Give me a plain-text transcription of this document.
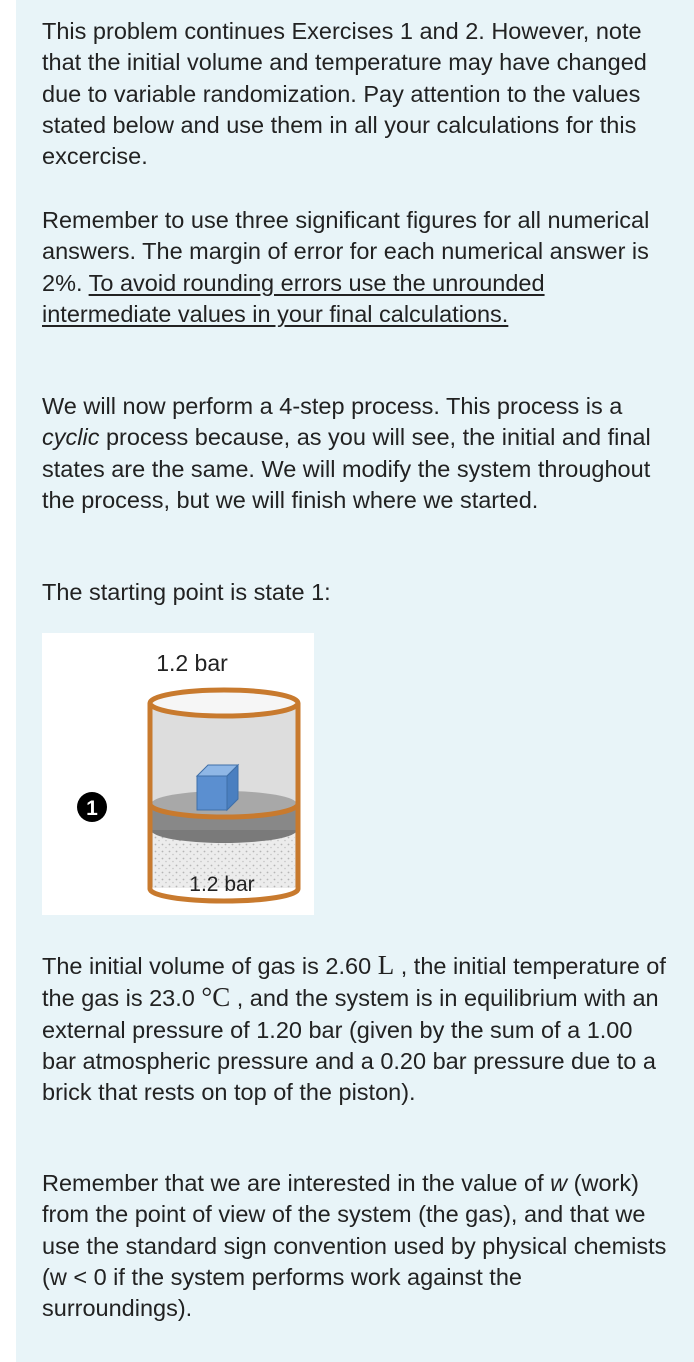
This problem continues Exercises 1 and 2. However, note that the initial volume and temperature may have changed due to variable randomization. Pay attention to the values stated below and use them in all your calculations for this excercise.

Remember to use three significant figures for all numerical answers. The margin of error for each numerical answer is 2%. To avoid rounding errors use the unrounded intermediate values in your final calculations.

We will now perform a 4-step process. This process is a cyclic process because, as you will see, the initial and final states are the same. We will modify the system throughout the process, but we will finish where we started.

The starting point is state 1:

The initial volume of gas is 2.60 L , the initial temperature of the gas is 23.0 °C , and the system is in equilibrium with an external pressure of 1.20 bar (given by the sum of a 1.00 bar atmospheric pressure and a 0.20 bar pressure due to a brick that rests on top of the piston).

Remember that we are interested in the value of w (work) from the point of view of the system (the gas), and that we use the standard sign convention used by physical chemists (w < 0 if the system performs work against the surroundings).

1.2 bar
1.2 bar
1
